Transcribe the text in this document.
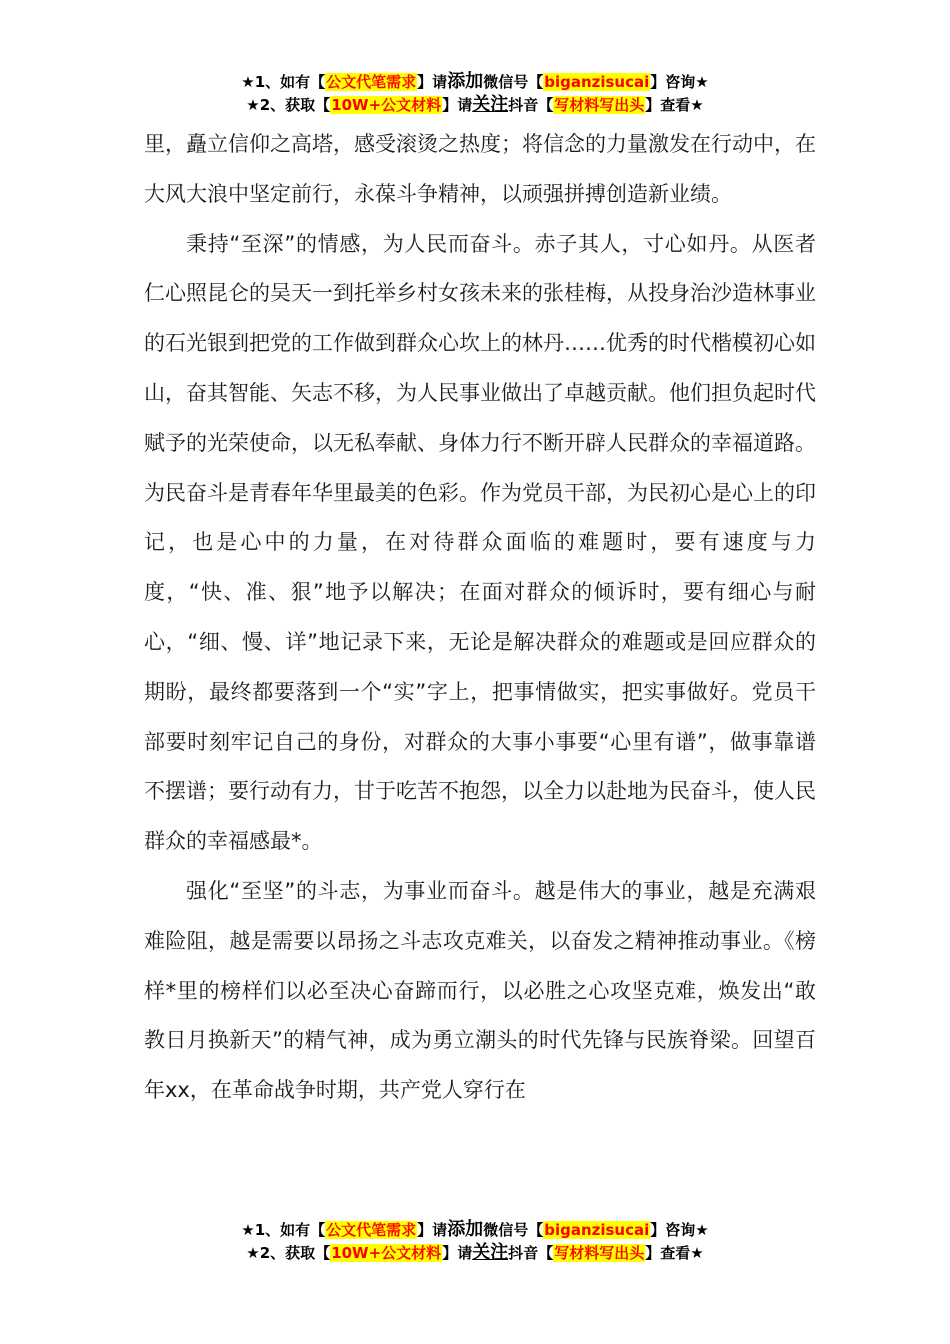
★1、如有【公文代笔需求】请添加微信号【biganzisucai】咨询★
★2、获取【10W+公文材料】请关注抖音【写材料写出头】查看★

里，矗立信仰之高塔，感受滚烫之热度；将信念的力量激发在行动中，在大风大浪中坚定前行，永葆斗争精神，以顽强拼搏创造新业绩。

秉持“至深”的情感，为人民而奋斗。赤子其人，寸心如丹。从医者仁心照昆仑的吴天一到托举乡村女孩未来的张桂梅，从投身治沙造林事业的石光银到把党的工作做到群众心坎上的林丹……优秀的时代楷模初心如山，奋其智能、矢志不移，为人民事业做出了卓越贡献。他们担负起时代赋予的光荣使命，以无私奉献、身体力行不断开辟人民群众的幸福道路。为民奋斗是青春年华里最美的色彩。作为党员干部，为民初心是心上的印记，也是心中的力量，在对待群众面临的难题时，要有速度与力度，“快、准、狠”地予以解决；在面对群众的倾诉时，要有细心与耐心，“细、慢、详”地记录下来，无论是解决群众的难题或是回应群众的期盼，最终都要落到一个“实”字上，把事情做实，把实事做好。党员干部要时刻牢记自己的身份，对群众的大事小事要“心里有谱”，做事靠谱不摆谱；要行动有力，甘于吃苦不抱怨，以全力以赴地为民奋斗，使人民群众的幸福感最*。

强化“至坚”的斗志，为事业而奋斗。越是伟大的事业，越是充满艰难险阻，越是需要以昂扬之斗志攻克难关，以奋发之精神推动事业。《榜样*里的榜样们以必至决心奋蹄而行，以必胜之心攻坚克难，焕发出“敢教日月换新天”的精气神，成为勇立潮头的时代先锋与民族脊梁。回望百年xx，在革命战争时期，共产党人穿行在

★1、如有【公文代笔需求】请添加微信号【biganzisucai】咨询★
★2、获取【10W+公文材料】请关注抖音【写材料写出头】查看★
